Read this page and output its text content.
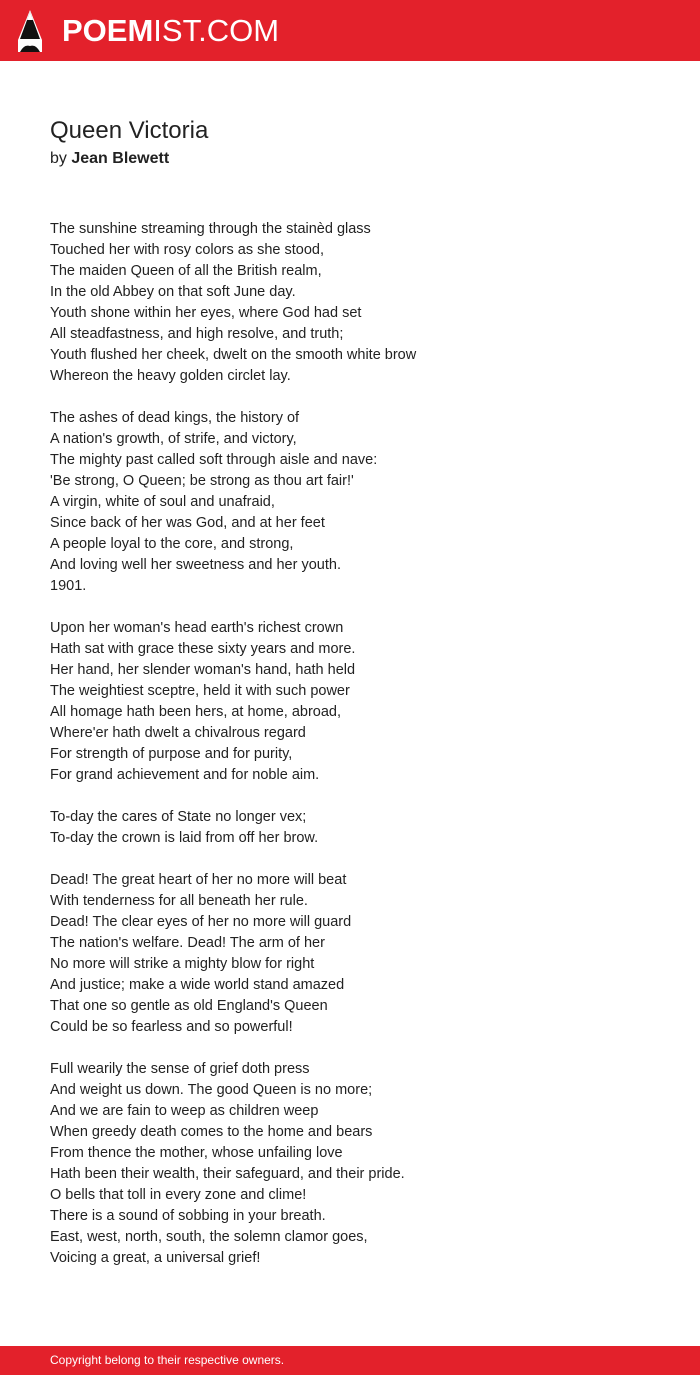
POEMIST.COM
Queen Victoria
by Jean Blewett
The sunshine streaming through the stainèd glass
Touched her with rosy colors as she stood,
The maiden Queen of all the British realm,
In the old Abbey on that soft June day.
Youth shone within her eyes, where God had set
All steadfastness, and high resolve, and truth;
Youth flushed her cheek, dwelt on the smooth white brow
Whereon the heavy golden circlet lay.
The ashes of dead kings, the history of
A nation's growth, of strife, and victory,
The mighty past called soft through aisle and nave:
'Be strong, O Queen; be strong as thou art fair!'
A virgin, white of soul and unafraid,
Since back of her was God, and at her feet
A people loyal to the core, and strong,
And loving well her sweetness and her youth.
1901.
Upon her woman's head earth's richest crown
Hath sat with grace these sixty years and more.
Her hand, her slender woman's hand, hath held
The weightiest sceptre, held it with such power
All homage hath been hers, at home, abroad,
Where'er hath dwelt a chivalrous regard
For strength of purpose and for purity,
For grand achievement and for noble aim.
To-day the cares of State no longer vex;
To-day the crown is laid from off her brow.
Dead! The great heart of her no more will beat
With tenderness for all beneath her rule.
Dead! The clear eyes of her no more will guard
The nation's welfare. Dead! The arm of her
No more will strike a mighty blow for right
And justice; make a wide world stand amazed
That one so gentle as old England's Queen
Could be so fearless and so powerful!
Full wearily the sense of grief doth press
And weight us down. The good Queen is no more;
And we are fain to weep as children weep
When greedy death comes to the home and bears
From thence the mother, whose unfailing love
Hath been their wealth, their safeguard, and their pride.
O bells that toll in every zone and clime!
There is a sound of sobbing in your breath.
East, west, north, south, the solemn clamor goes,
Voicing a great, a universal grief!
Copyright belong to their respective owners.
